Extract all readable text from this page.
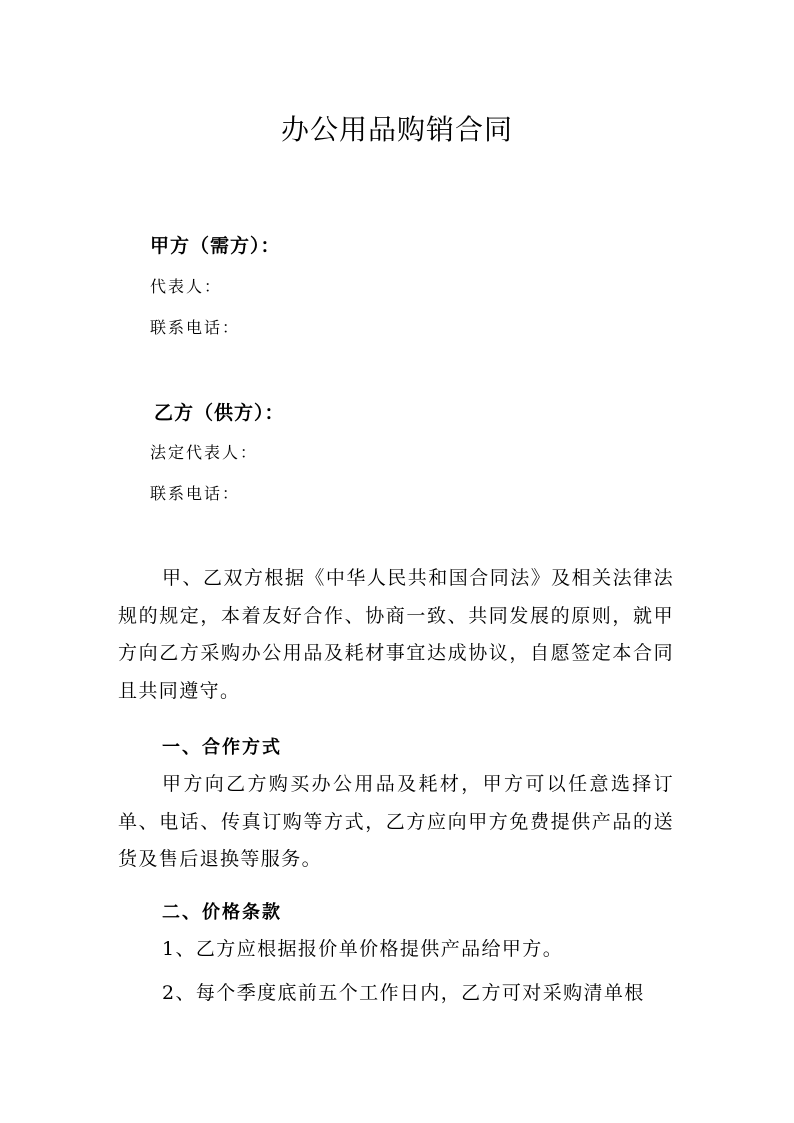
办公用品购销合同
甲方（需方）：
代表人：
联系电话：
乙方（供方）：
法定代表人：
联系电话：

甲、乙双方根据《中华人民共和国合同法》及相关法律法规的规定，本着友好合作、协商一致、共同发展的原则，就甲方向乙方采购办公用品及耗材事宜达成协议，自愿签定本合同且共同遵守。

一、合作方式

甲方向乙方购买办公用品及耗材，甲方可以任意选择订单、电话、传真订购等方式，乙方应向甲方免费提供产品的送货及售后退换等服务。

二、价格条款

1、乙方应根据报价单价格提供产品给甲方。

2、每个季度底前五个工作日内，乙方可对采购清单根
